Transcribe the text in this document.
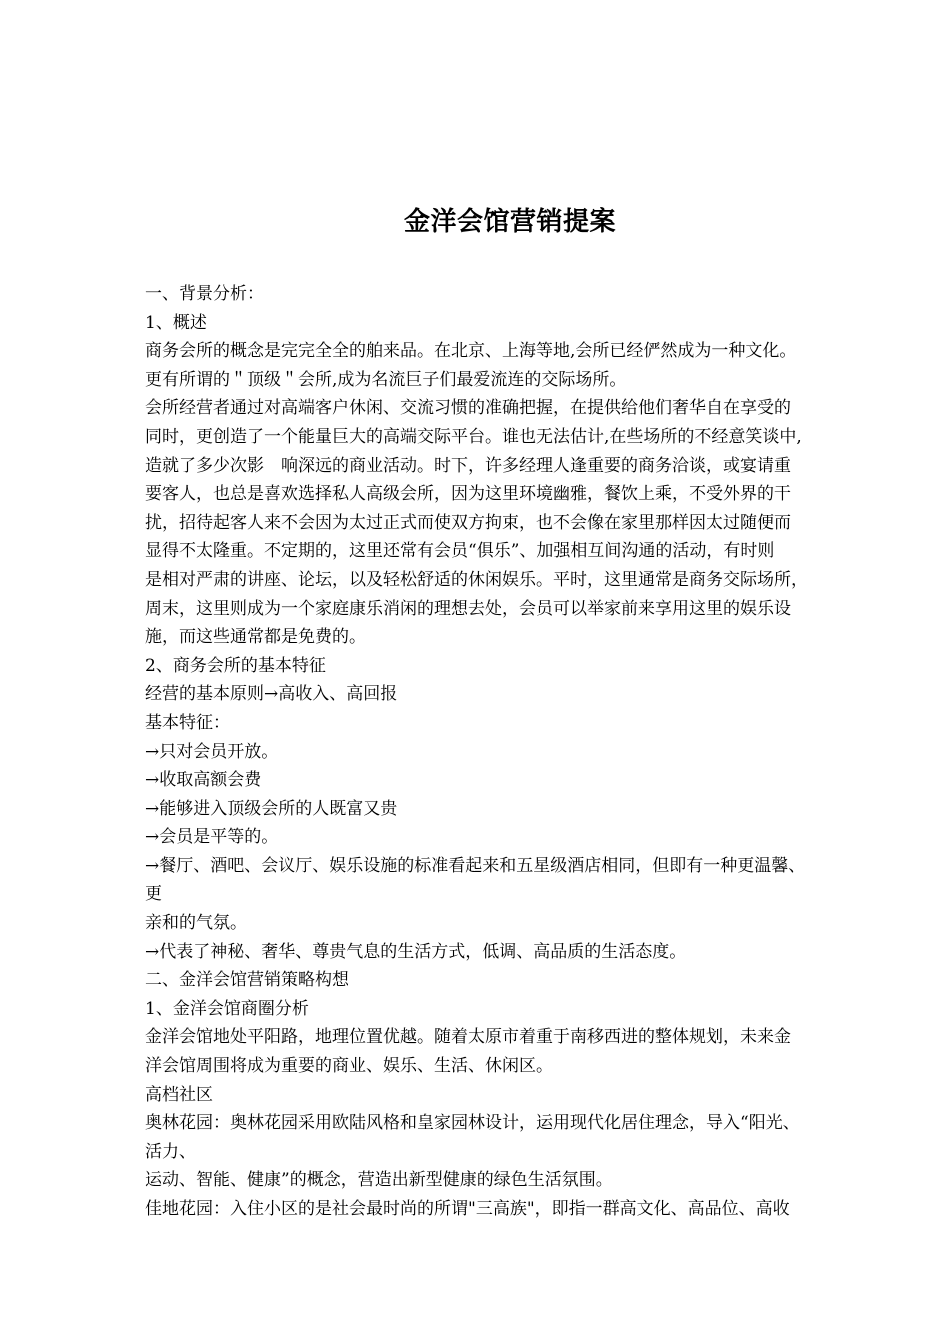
金洋会馆营销提案
一、背景分析：
1、概述
商务会所的概念是完完全全的舶来品。在北京、上海等地,会所已经俨然成为一种文化。
更有所谓的＂顶级＂会所,成为名流巨子们最爱流连的交际场所。
会所经营者通过对高端客户休闲、交流习惯的准确把握，在提供给他们奢华自在享受的
同时，更创造了一个能量巨大的高端交际平台。谁也无法估计,在些场所的不经意笑谈中,
造就了多少次影　响深远的商业活动。时下，许多经理人逢重要的商务洽谈，或宴请重
要客人，也总是喜欢选择私人高级会所，因为这里环境幽雅，餐饮上乘，不受外界的干
扰，招待起客人来不会因为太过正式而使双方拘束，也不会像在家里那样因太过随便而
显得不太隆重。不定期的，这里还常有会员“俱乐”、加强相互间沟通的活动，有时则
是相对严肃的讲座、论坛，以及轻松舒适的休闲娱乐。平时，这里通常是商务交际场所，
周末，这里则成为一个家庭康乐消闲的理想去处，会员可以举家前来享用这里的娱乐设
施，而这些通常都是免费的。
2、商务会所的基本特征
经营的基本原则→高收入、高回报
基本特征：
→只对会员开放。
→收取高额会费
→能够进入顶级会所的人既富又贵
→会员是平等的。
→餐厅、酒吧、会议厅、娱乐设施的标准看起来和五星级酒店相同，但即有一种更温馨、
更
亲和的气氛。
→代表了神秘、奢华、尊贵气息的生活方式，低调、高品质的生活态度。
二、金洋会馆营销策略构想
1、金洋会馆商圈分析
金洋会馆地处平阳路，地理位置优越。随着太原市着重于南移西进的整体规划，未来金
洋会馆周围将成为重要的商业、娱乐、生活、休闲区。
高档社区
奥林花园：奥林花园采用欧陆风格和皇家园林设计，运用现代化居住理念，导入“阳光、
活力、
运动、智能、健康”的概念，营造出新型健康的绿色生活氛围。
佳地花园：入住小区的是社会最时尚的所谓"三高族"，即指一群高文化、高品位、高收
